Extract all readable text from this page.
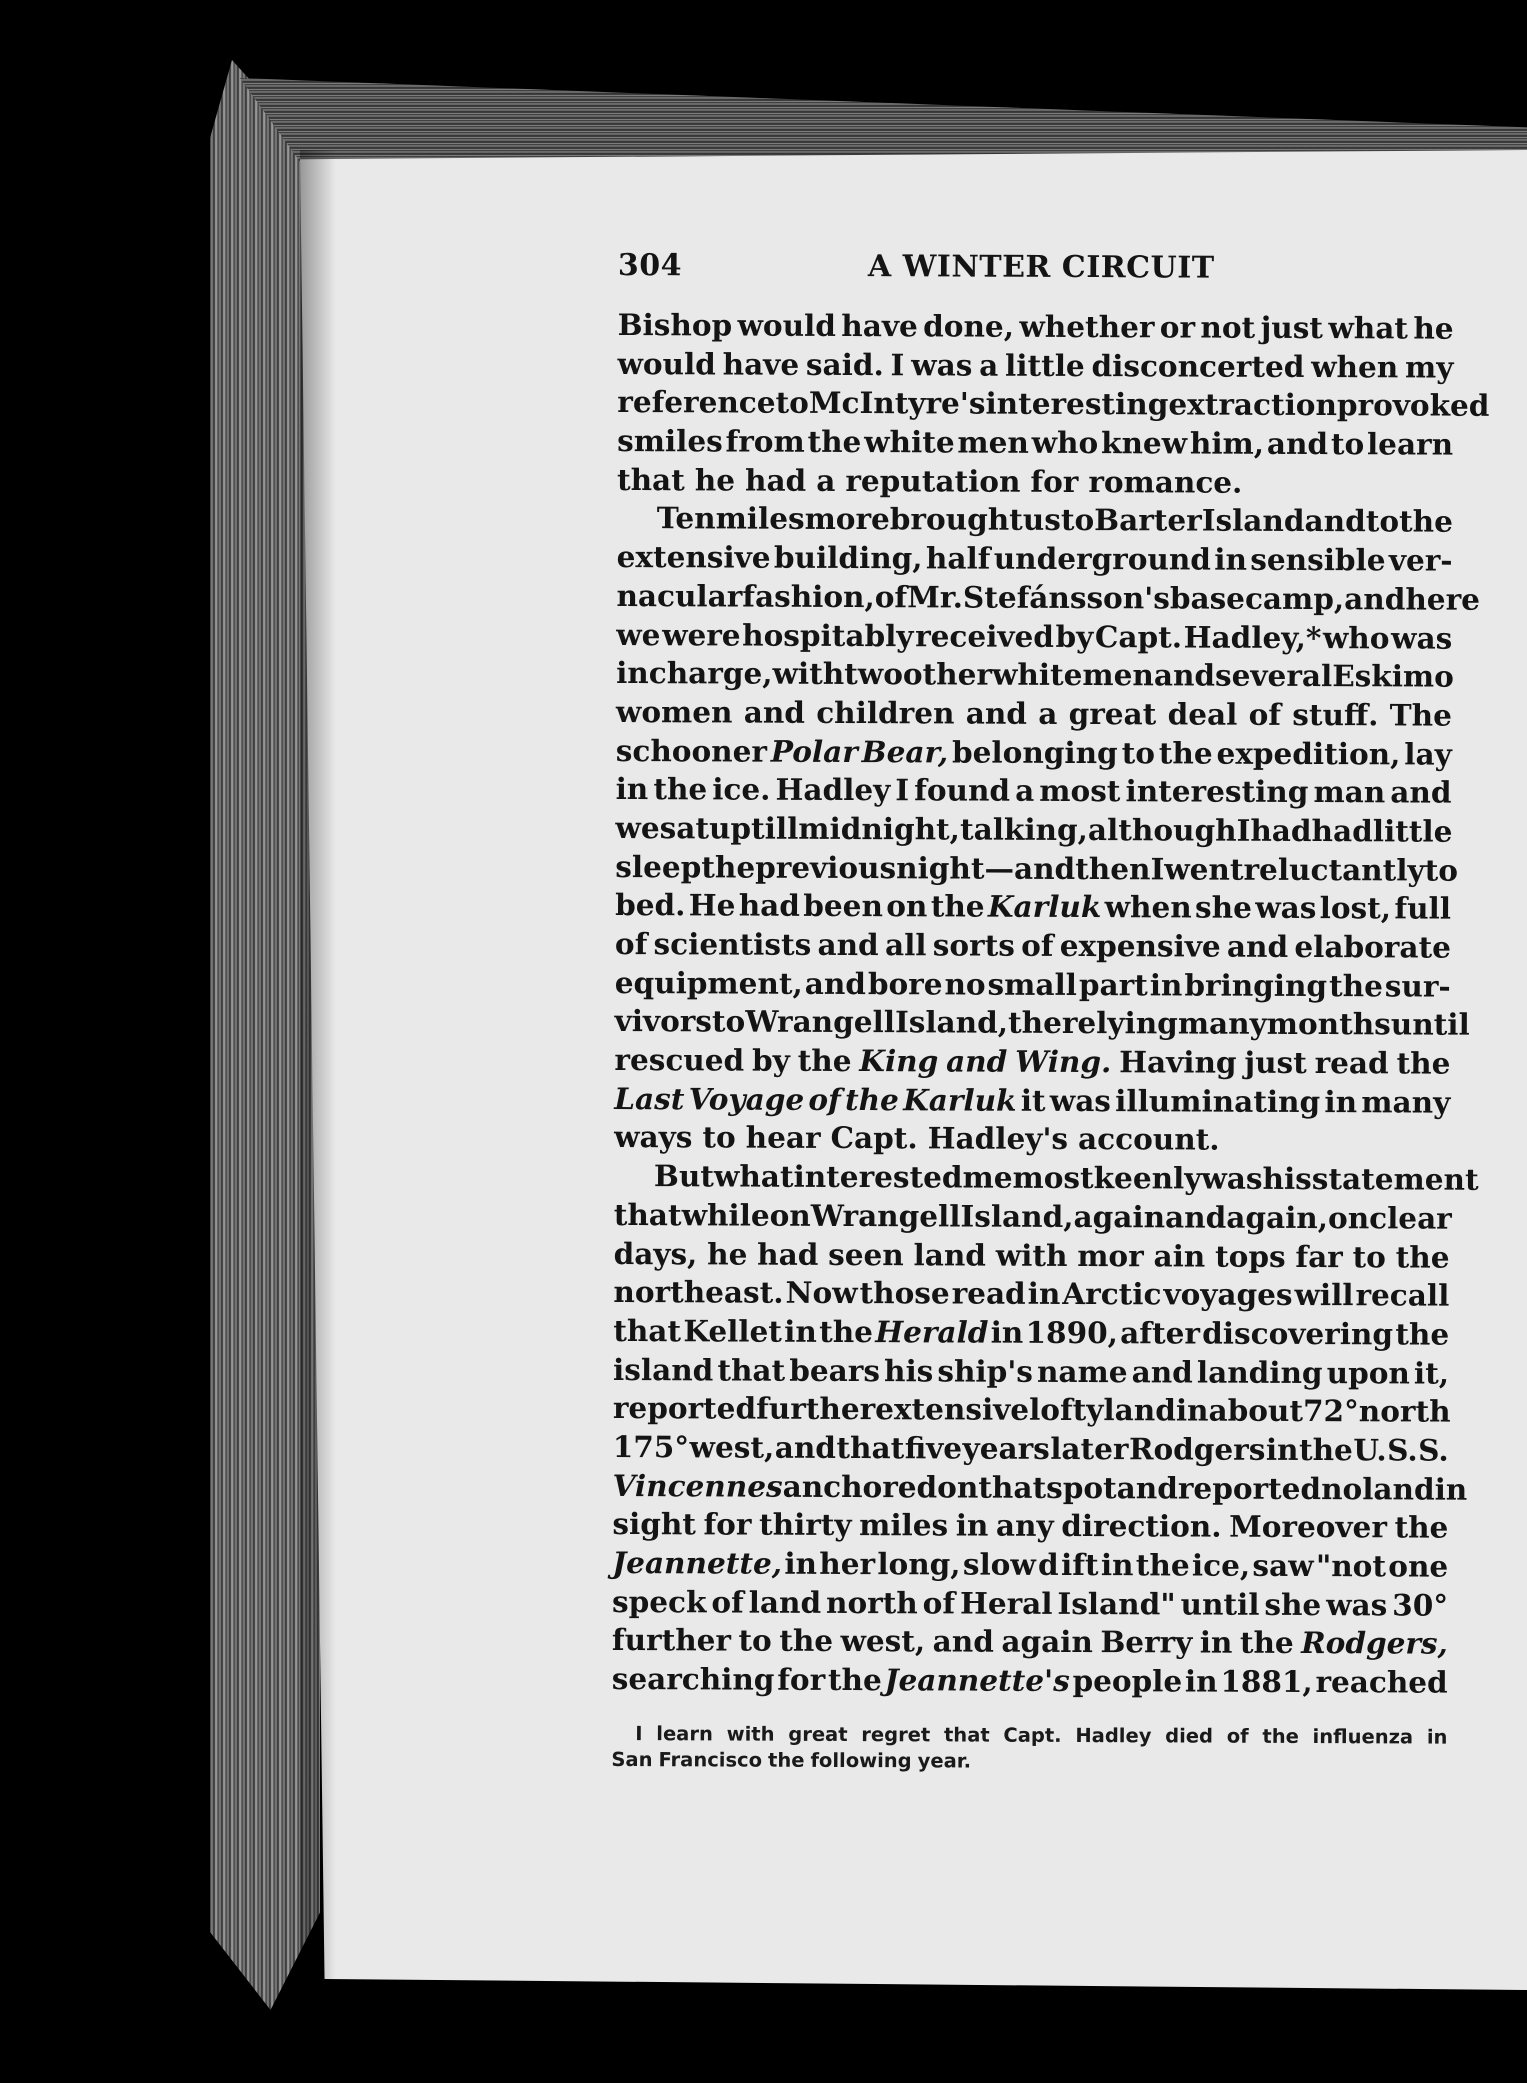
304	A WINTER CIRCUIT
Bishop would have done, whether or not just what he
would have said. I was a little disconcerted when my
reference to McIntyre's interesting extraction provoked
smiles from the white men who knew him, and to learn
that he had a reputation for romance.
Ten miles more brought us to Barter Island and to the
extensive building, half underground in sensible ver-
nacular fashion, of Mr. Stefánsson's base camp, and here
we were hospitably received by Capt. Hadley,* who was
in charge, with two other white men and several Eskimo
women and children and a great deal of stuff. The
schooner Polar Bear, belonging to the expedition, lay
in the ice. Hadley I found a most interesting man and
we sat up till midnight, talking, although I had had little
sleep the previous night—and then I went reluctantly to
bed. He had been on the Karluk when she was lost, full
of scientists and all sorts of expensive and elaborate
equipment, and bore no small part in bringing the sur-
vivors to Wrangell Island, there lying many months until
rescued by the King and Wing. Having just read the
Last Voyage of the Karluk it was illuminating in many
ways to hear Capt. Hadley's account.
But what interested me most keenly was his statement
that while on Wrangell Island, again and again, on clear
days, he had seen land with mor ain tops far to the
northeast. Now those read in Arctic voyages will recall
that Kellet in the Herald in 1890, after discovering the
island that bears his ship's name and landing upon it,
reported further extensive lofty land in about 72° north
175° west, and that five years later Rodgers in the U. S. S.
Vincennes anchored on that spot and reported no land in
sight for thirty miles in any direction. Moreover the
Jeannette, in her long, slow d ift in the ice, saw "not one
speck of land north of Heral Island" until she was 30°
further to the west, and again Berry in the Rodgers,
searching for the Jeannette's people in 1881, reached
I learn with great regret that Capt. Hadley died of the influenza in
San Francisco the following year.
